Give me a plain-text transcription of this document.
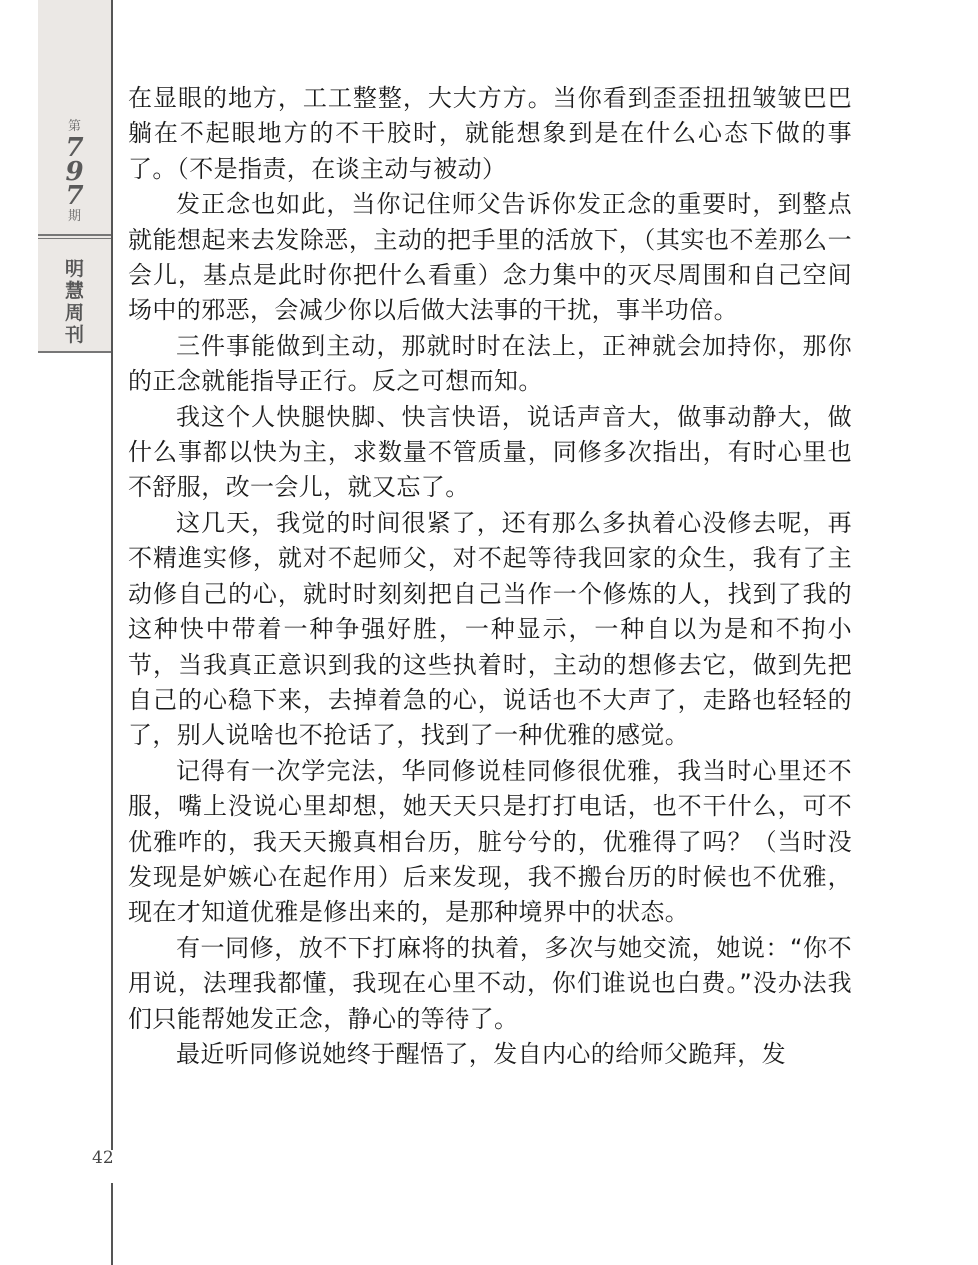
第
7
9
7
期
明
慧
周
刊
42

在显眼的地方，工工整整，大大方方。当你看到歪歪扭扭皱皱巴巴躺在不起眼地方的不干胶时，就能想象到是在什么心态下做的事了。（不是指责，在谈主动与被动）

发正念也如此，当你记住师父告诉你发正念的重要时，到整点就能想起来去发除恶，主动的把手里的活放下，（其实也不差那么一会儿，基点是此时你把什么看重）念力集中的灭尽周围和自己空间场中的邪恶，会减少你以后做大法事的干扰，事半功倍。

三件事能做到主动，那就时时在法上，正神就会加持你，那你的正念就能指导正行。反之可想而知。

我这个人快腿快脚、快言快语，说话声音大，做事动静大，做什么事都以快为主，求数量不管质量，同修多次指出，有时心里也不舒服，改一会儿，就又忘了。

这几天，我觉的时间很紧了，还有那么多执着心没修去呢，再不精進实修，就对不起师父，对不起等待我回家的众生，我有了主动修自己的心，就时时刻刻把自己当作一个修炼的人，找到了我的这种快中带着一种争强好胜，一种显示，一种自以为是和不拘小节，当我真正意识到我的这些执着时，主动的想修去它，做到先把自己的心稳下来，去掉着急的心，说话也不大声了，走路也轻轻的了，别人说啥也不抢话了，找到了一种优雅的感觉。

记得有一次学完法，华同修说桂同修很优雅，我当时心里还不服，嘴上没说心里却想，她天天只是打打电话，也不干什么，可不优雅咋的，我天天搬真相台历，脏兮兮的，优雅得了吗？（当时没发现是妒嫉心在起作用）后来发现，我不搬台历的时候也不优雅，现在才知道优雅是修出来的，是那种境界中的状态。

有一同修，放不下打麻将的执着，多次与她交流，她说：“你不用说，法理我都懂，我现在心里不动，你们谁说也白费。”没办法我们只能帮她发正念，静心的等待了。

最近听同修说她终于醒悟了，发自内心的给师父跪拜，发
